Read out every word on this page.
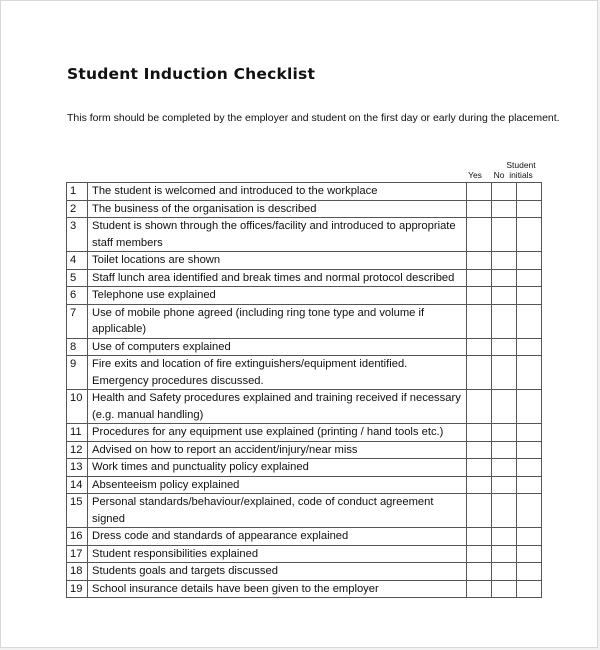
Student Induction Checklist
This form should be completed by the employer and student on the first day or early during the placement.
Yes	No
Student
initials
1	The student is welcomed and introduced to the workplace			
2	The business of the organisation is described			
3	Student is shown through the offices/facility and introduced to appropriate staff members			
4	Toilet locations are shown			
5	Staff lunch area identified and break times and normal protocol described			
6	Telephone use explained			
7	Use of mobile phone agreed (including ring tone type and volume if applicable)			
8	Use of computers explained			
9	Fire exits and location of fire extinguishers/equipment identified. Emergency procedures discussed.			
10	Health and Safety procedures explained and training received if necessary (e.g. manual handling)			
11	Procedures for any equipment use explained (printing / hand tools etc.)			
12	Advised on how to report an accident/injury/near miss			
13	Work times and punctuality policy explained			
14	Absenteeism policy explained			
15	Personal standards/behaviour/explained, code of conduct agreement signed			
16	Dress code and standards of appearance explained			
17	Student responsibilities explained			
18	Students goals and targets discussed			
19	School insurance details have been given to the employer			
